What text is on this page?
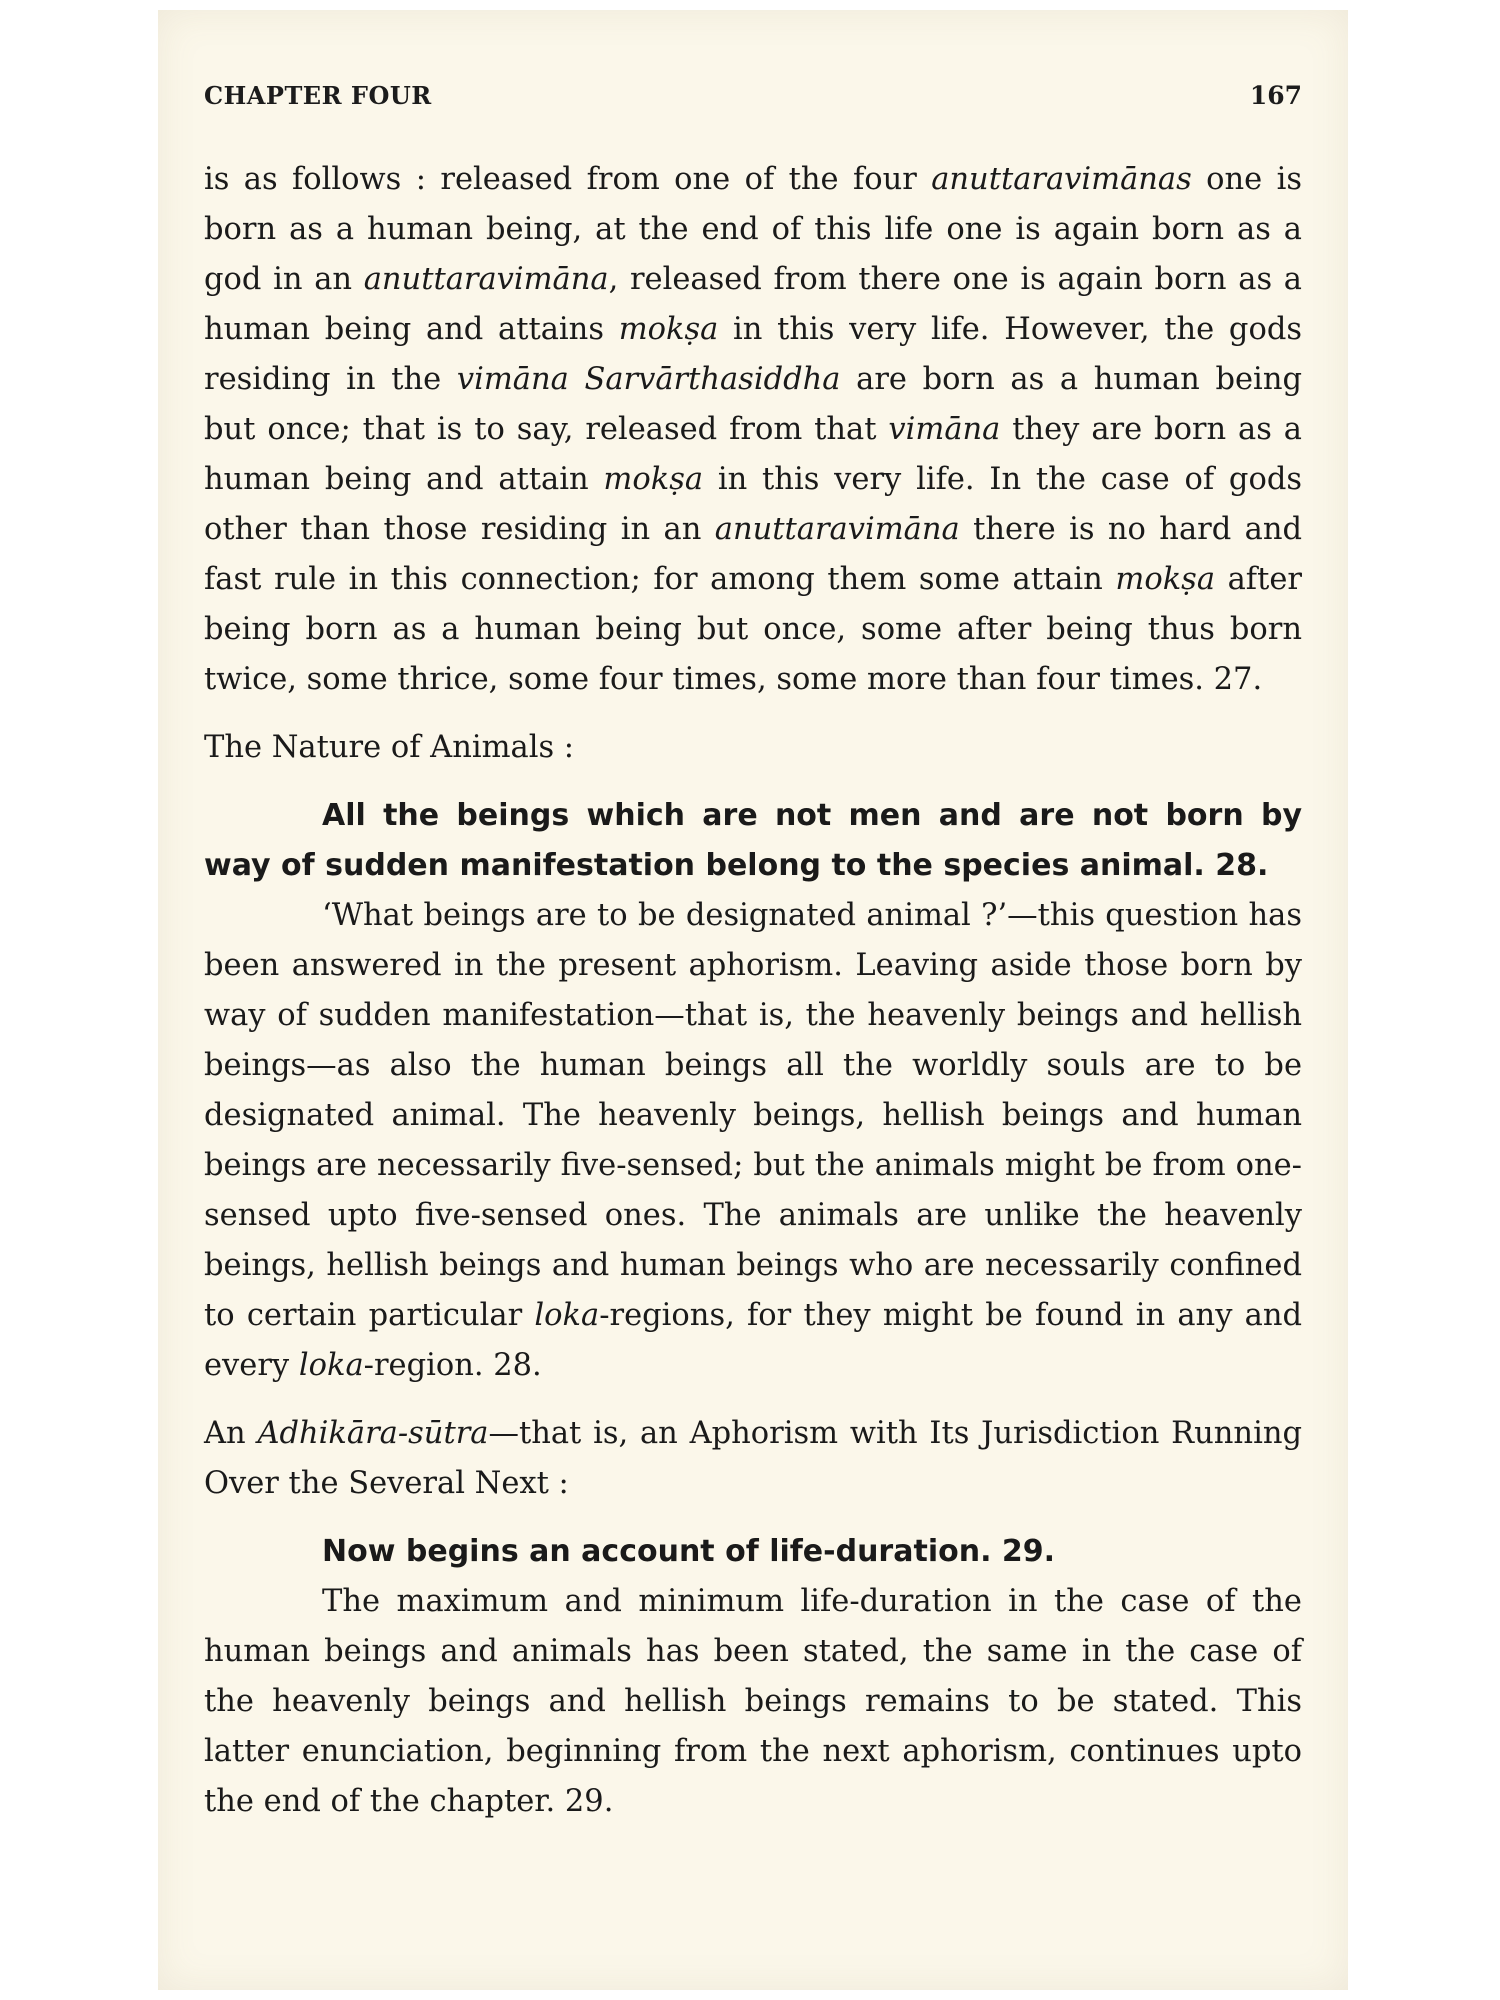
CHAPTER FOUR	167

is as follows : released from one of the four anuttaravimānas one is born as a human being, at the end of this life one is again born as a god in an anuttaravimāna, released from there one is again born as a human being and attains mokṣa in this very life. However, the gods residing in the vimāna Sarvārthasiddha are born as a human being but once; that is to say, released from that vimāna they are born as a human being and attain mokṣa in this very life. In the case of gods other than those residing in an anuttaravimāna there is no hard and fast rule in this connection; for among them some attain mokṣa after being born as a human being but once, some after being thus born twice, some thrice, some four times, some more than four times. 27.

The Nature of Animals :

All the beings which are not men and are not born by way of sudden manifestation belong to the species animal. 28.

‘What beings are to be designated animal ?’—this question has been answered in the present aphorism. Leaving aside those born by way of sudden manifestation—that is, the heavenly beings and hellish beings—as also the human beings all the worldly souls are to be designated animal. The heavenly beings, hellish beings and human beings are necessarily five-sensed; but the animals might be from one-sensed upto five-sensed ones. The animals are unlike the heavenly beings, hellish beings and human beings who are necessarily confined to certain particular loka-regions, for they might be found in any and every loka-region. 28.

An Adhikāra-sūtra—that is, an Aphorism with Its Jurisdiction Running Over the Several Next :

Now begins an account of life-duration. 29.

The maximum and minimum life-duration in the case of the human beings and animals has been stated, the same in the case of the heavenly beings and hellish beings remains to be stated. This latter enunciation, beginning from the next aphorism, continues upto the end of the chapter. 29.
